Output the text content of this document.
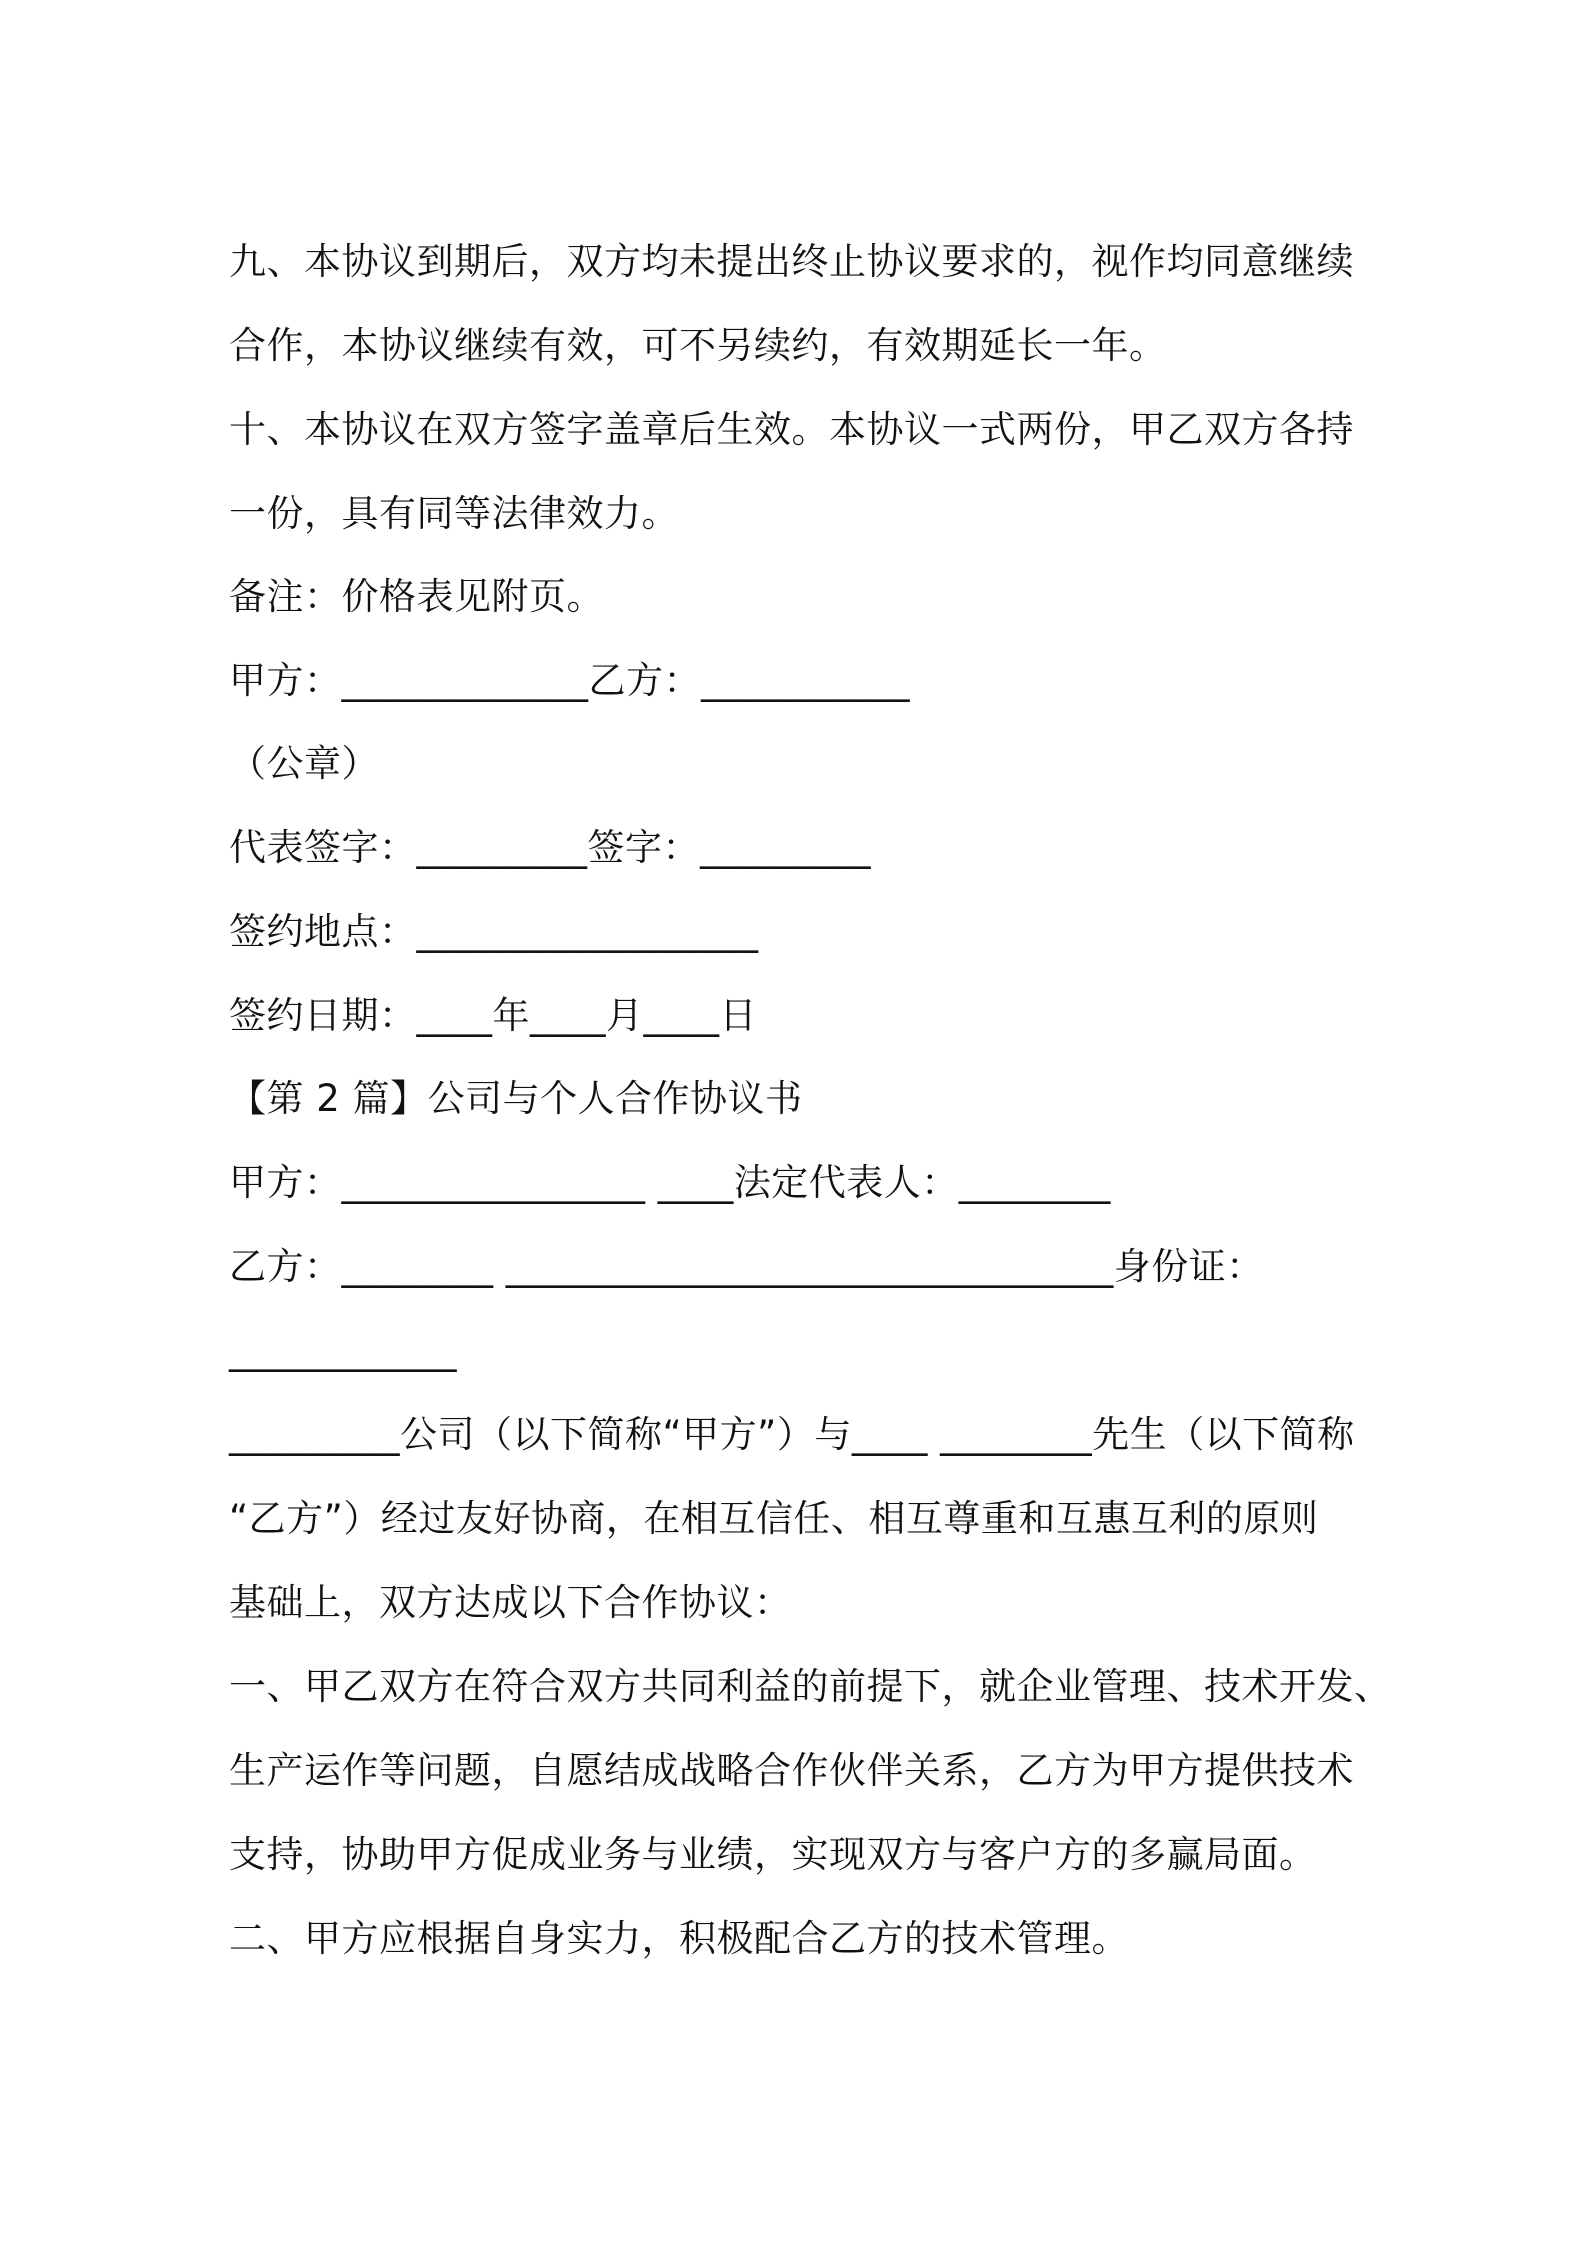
九、本协议到期后，双方均未提出终止协议要求的，视作均同意继续
合作，本协议继续有效，可不另续约，有效期延长一年。
十、本协议在双方签字盖章后生效。本协议一式两份，甲乙双方各持
一份，具有同等法律效力。
备注：价格表见附页。
甲方：_____________乙方：___________
（公章）
代表签字：_________签字：_________
签约地点：__________________
签约日期：____年____月____日
【第 2 篇】公司与个人合作协议书
甲方：________________ ____法定代表人：________
乙方：________ ________________________________身份证：
____________
_________公司（以下简称“甲方”）与____ ________先生（以下简称
“乙方”）经过友好协商，在相互信任、相互尊重和互惠互利的原则
基础上，双方达成以下合作协议：
一、甲乙双方在符合双方共同利益的前提下，就企业管理、技术开发、
生产运作等问题，自愿结成战略合作伙伴关系，乙方为甲方提供技术
支持，协助甲方促成业务与业绩，实现双方与客户方的多赢局面。
二、甲方应根据自身实力，积极配合乙方的技术管理。
